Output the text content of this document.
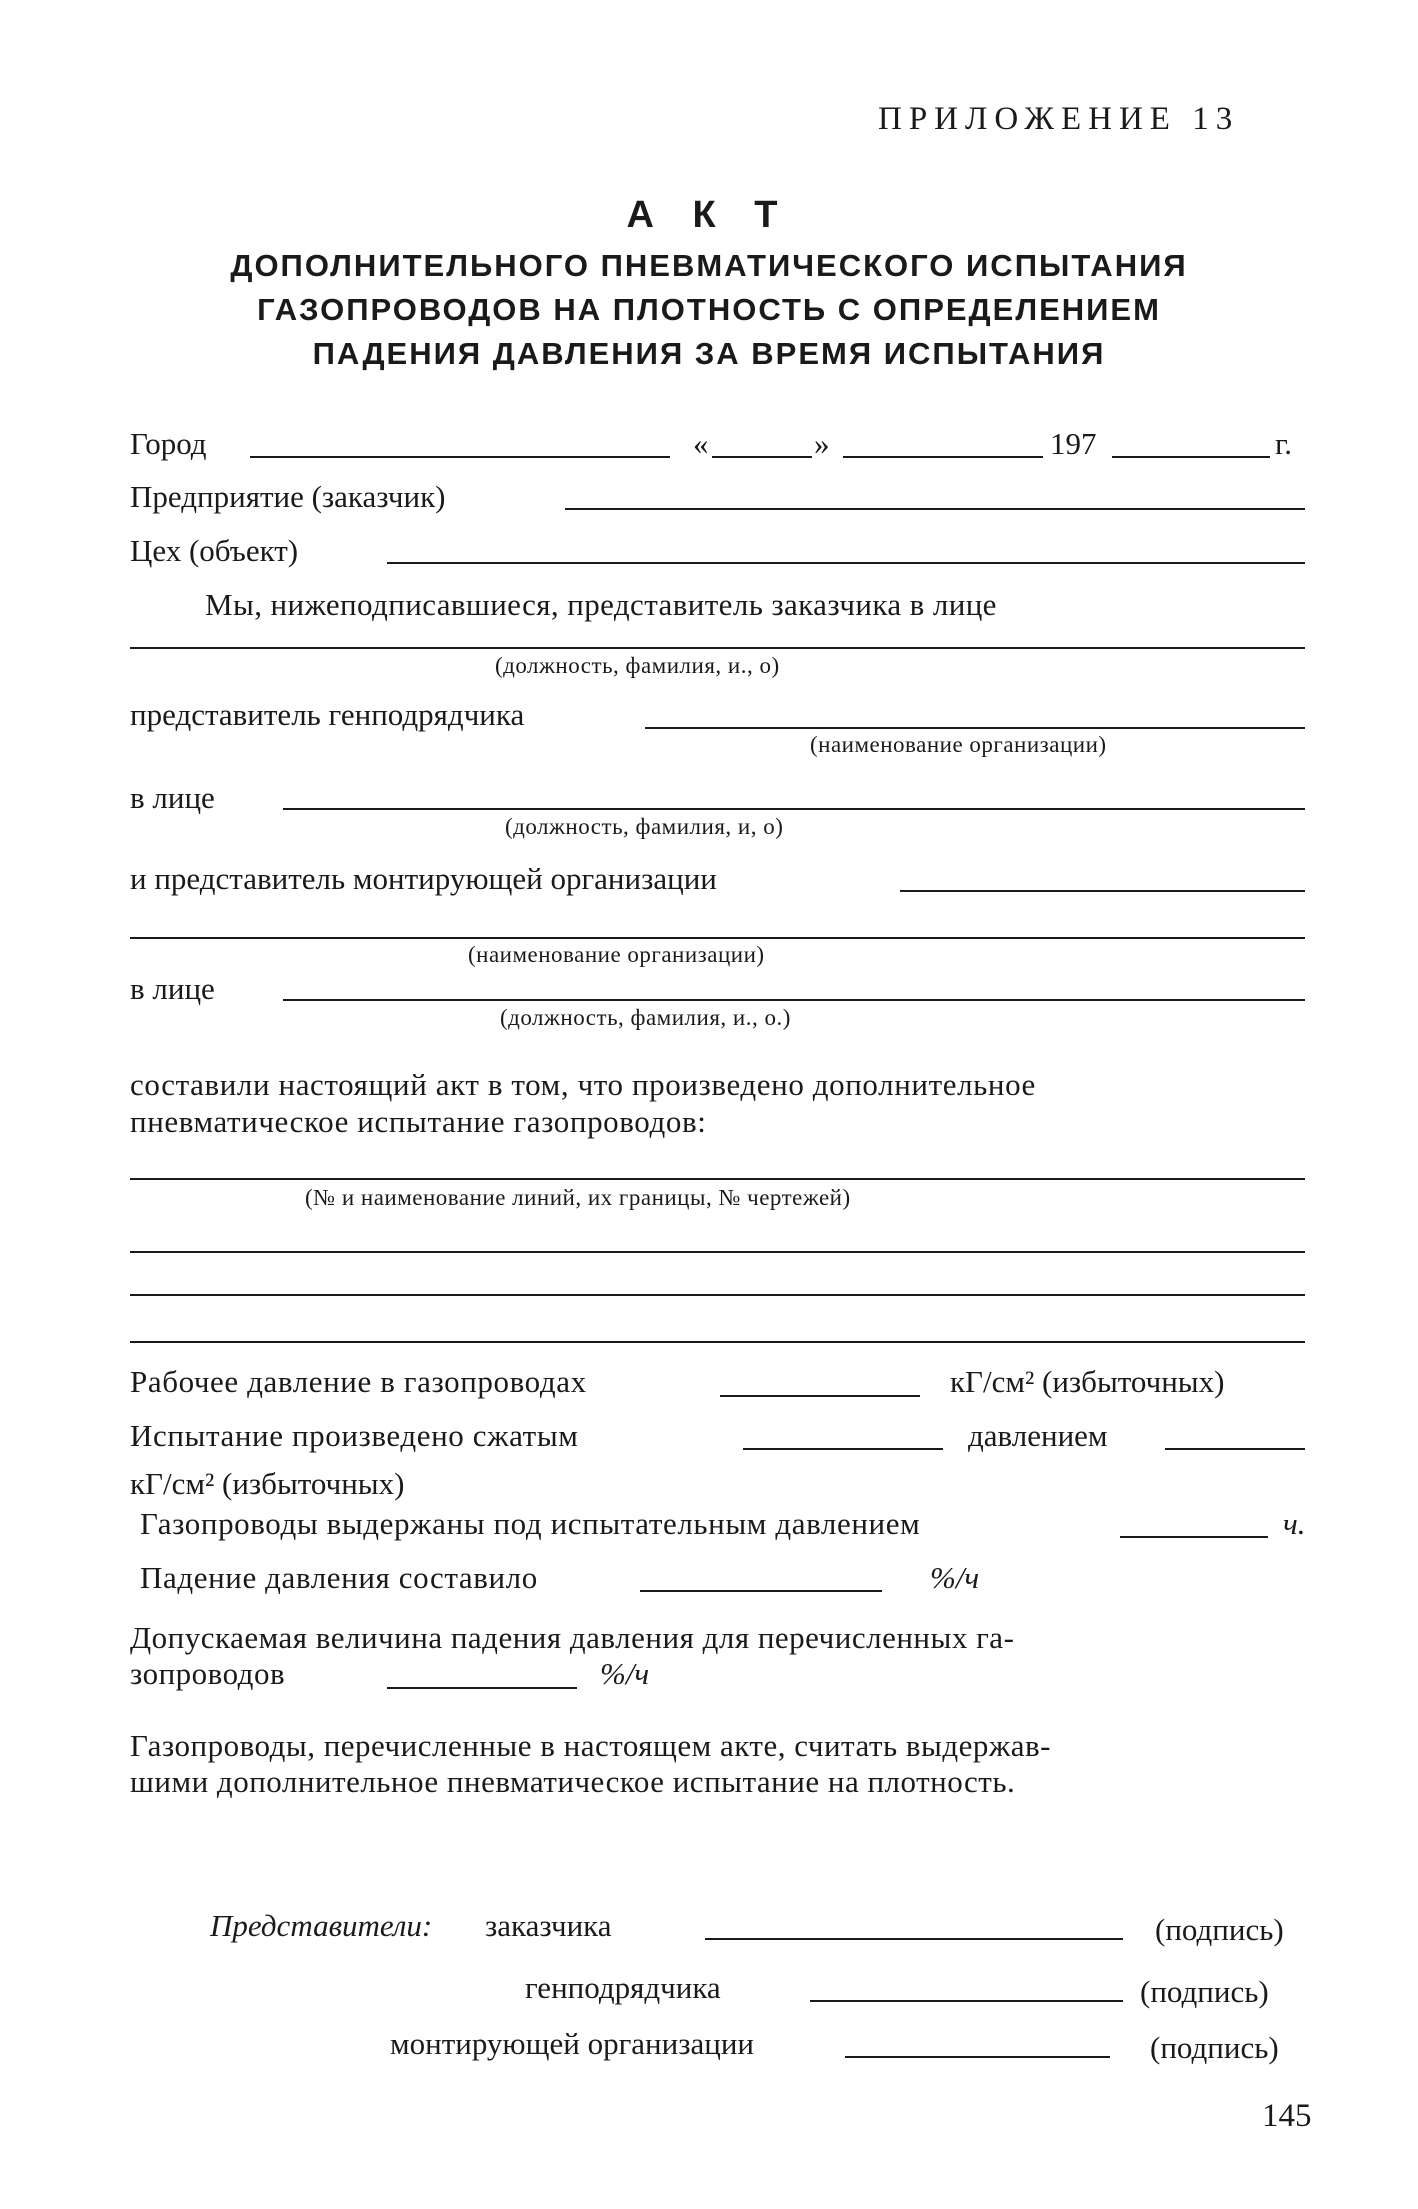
ПРИЛОЖЕНИЕ 13
А К Т
ДОПОЛНИТЕЛЬНОГО ПНЕВМАТИЧЕСКОГО ИСПЫТАНИЯ
ГАЗОПРОВОДОВ НА ПЛОТНОСТЬ С ОПРЕДЕЛЕНИЕМ
ПАДЕНИЯ ДАВЛЕНИЯ ЗА ВРЕМЯ ИСПЫТАНИЯ
Город	«	»	197	г.
Предприятие (заказчик)
Цех (объект)
Мы, нижеподписавшиеся, представитель заказчика в лице
(должность, фамилия, и., о)
представитель генподрядчика
(наименование организации)
в лице
(должность, фамилия, и, о)
и представитель монтирующей организации
(наименование организации)
в лице
(должность, фамилия, и., о.)
составили настоящий акт в том, что произведено дополнительное
пневматическое испытание газопроводов:
(№ и наименование линий, их границы, № чертежей)
Рабочее давление в газопроводах	кГ/см² (избыточных)
Испытание произведено сжатым	давлением
кГ/см² (избыточных)
Газопроводы выдержаны под испытательным давлением	ч.
Падение давления составило	%/ч
Допускаемая величина падения давления для перечисленных га-
зопроводов	%/ч
Газопроводы, перечисленные в настоящем акте, считать выдержав-
шими дополнительное пневматическое испытание на плотность.
Представители: заказчика	(подпись)
генподрядчика	(подпись)
монтирующей организации	(подпись)
145
